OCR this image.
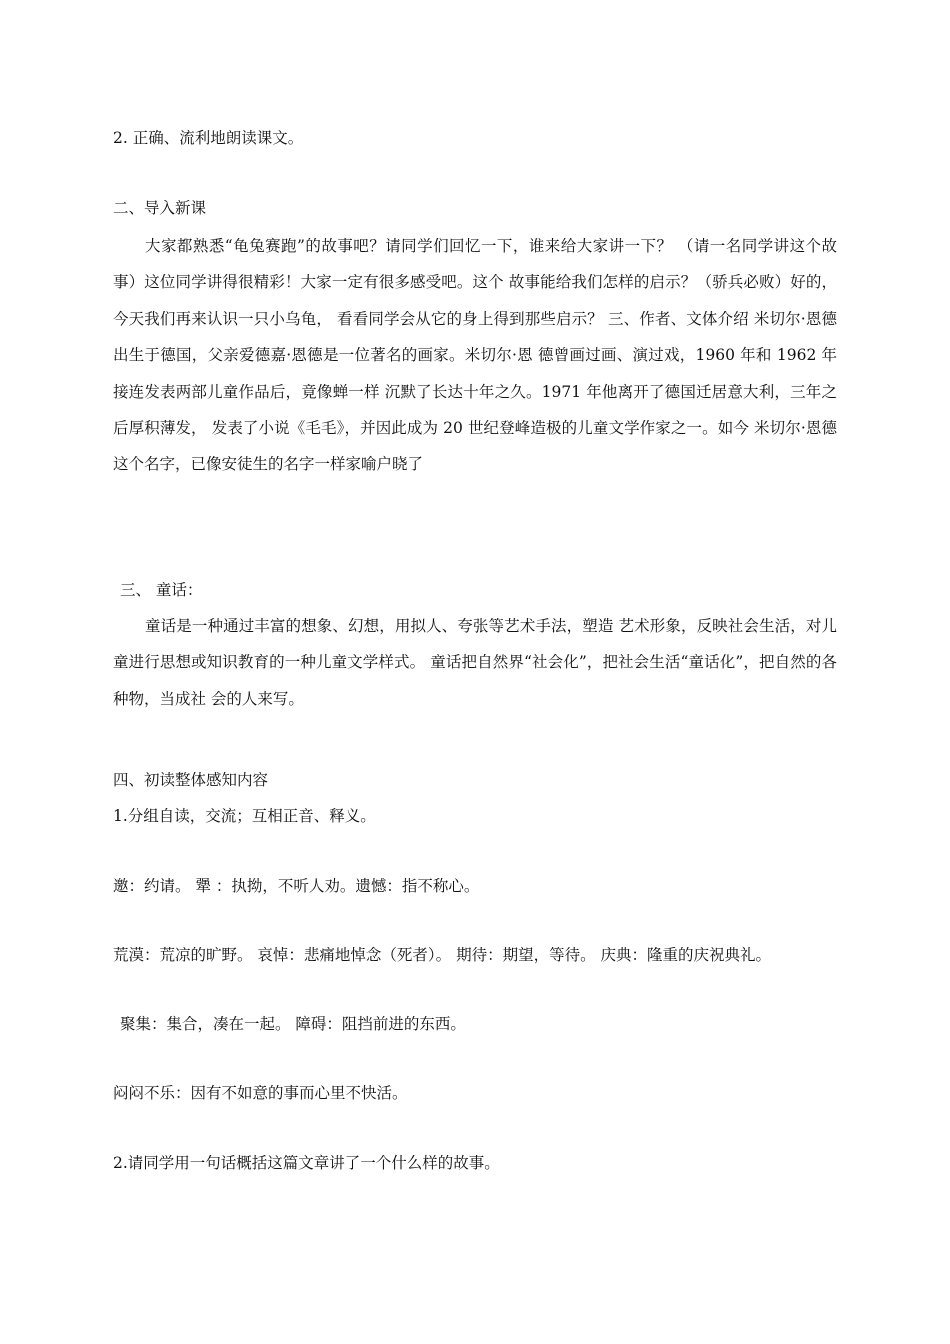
2. 正确、流利地朗读课文。
二、导入新课

大家都熟悉“龟兔赛跑”的故事吧？请同学们回忆一下，谁来给大家讲一下？ （请一名同学讲这个故事）这位同学讲得很精彩！大家一定有很多感受吧。这个 故事能给我们怎样的启示？（骄兵必败）好的，今天我们再来认识一只小乌龟， 看看同学会从它的身上得到那些启示？ 三、作者、文体介绍 米切尔·恩德出生于德国，父亲爱德嘉·恩德是一位著名的画家。米切尔·恩 德曾画过画、演过戏，1960 年和 1962 年接连发表两部儿童作品后，竟像蝉一样 沉默了长达十年之久。1971 年他离开了德国迁居意大利，三年之后厚积薄发， 发表了小说《毛毛》，并因此成为 20 世纪登峰造极的儿童文学作家之一。如今 米切尔·恩德这个名字，已像安徒生的名字一样家喻户晓了

三、 童话：

童话是一种通过丰富的想象、幻想，用拟人、夸张等艺术手法，塑造 艺术形象，反映社会生活，对儿童进行思想或知识教育的一种儿童文学样式。 童话把自然界“社会化”，把社会生活“童话化”，把自然的各种物，当成社 会的人来写。

四、初读整体感知内容
1.分组自读，交流；互相正音、释义。
邀：约请。 犟 ：执拗，不听人劝。遗憾：指不称心。
荒漠：荒凉的旷野。 哀悼：悲痛地悼念（死者）。 期待：期望，等待。 庆典：隆重的庆祝典礼。
聚集：集合，凑在一起。 障碍：阻挡前进的东西。
闷闷不乐：因有不如意的事而心里不快活。
2.请同学用一句话概括这篇文章讲了一个什么样的故事。
